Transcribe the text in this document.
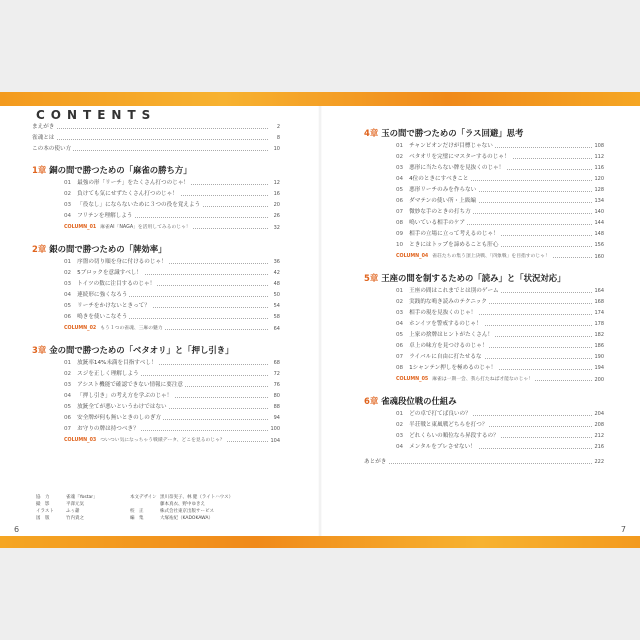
CONTENTS
まえがき	2
雀魂とは	8
この本の使い方	10
1章 銅の間で勝つための「麻雀の勝ち方」
01 最強の形「リーチ」をたくさん打つのじゃ！	12
02 負けても気にせずたくさん打つのじゃ！	16
03 「役なし」にならないために３つの役を覚えよう	20
04 フリテンを理解しよう	26
COLUMN_01 麻雀AI「NAGA」を活用してみるのじゃ！	32
2章 銀の間で勝つための「牌効率」
01 序盤の切り順を身に付けるのじゃ！	36
02 5ブロックを意識すべし！	42
03 トイツの数に注目するのじゃ！	48
04 連続形に強くなろう	50
05 リーチをかけないときって？	54
06 鳴きを使いこなそう	58
COLUMN_02 もう１つの雀魂、三麻の魅力	64
3章 金の間で勝つための「ベタオリ」と「押し引き」
01 放銃率14%未満を目指すべし！	68
02 スジを正しく理解しよう	72
03 アシスト機能で確認できない情報に要注意	76
04 「押し引き」の考え方を学ぶのじゃ！	80
05 放銃全てが悪いというわけではない	88
06 安全牌が何も無いときのしのぎ方	94
07 お守りの牌は持つべき？	100
COLUMN_03 ついつい気になっちゃう戦績データ、どこを見るのじゃ？	104
4章 玉の間で勝つための「ラス回避」思考
01 チャンピオンだけが目標じゃない	108
02 ベタオリを完璧にマスターするのじゃ！	112
03 悪形に当たらない牌を見抜くのじゃ！	116
04 4位のときにすべきこと	120
05 悪形リーチのみを作らない	128
06 ダマテンの使い所・上級編	134
07 微妙な手のときの打ち方	140
08 鳴いている相手のケア	144
09 相手の立場に立って考えるのじゃ！	148
10 ときにはトップを諦めることも肝心	156
COLUMN_04 雀荘たちの集う頂上決戦、「四象戦」を目指すのじゃ！	160
5章 王座の間を制するための「読み」と「状況対応」
01 王座の間はこれまでとは別のゲーム	164
02 実践的な鳴き読みのテクニック	168
03 相手の現を見抜くのじゃ！	174
04 ホンイツを警戒するのじゃ！	178
05 上家の捨牌はヒントがたくさん！	182
06 卓上の味方を見つけるのじゃ！	186
07 ライバルに自由に打たせるな	190
08 1シャンテン押しを極めるのじゃ！	194
COLUMN_05 麻雀は一期一会、我ら打たねば才能なのじゃ！	200
6章 雀魂段位戦の仕組み
01 どの卓で打てば良いの？	204
02 半荘戦と東風戦どちらを打つ？	208
03 どれくらいの順位なら昇段するの？	212
04 メンタルをブレさせない！	216
あとがき	222
協　力	雀魂「Yostar」	本文デザイン 黒川奈実子、林 健（ライトハウス）
撮　影	平澤元気	藤本真衣、野中ゆきえ
イラスト	ふぅ爺	校　正	株式会社東京出版サービス
図　版	竹内貴之	編　集	大塚祐紀（KADOKAWA）
6	7
